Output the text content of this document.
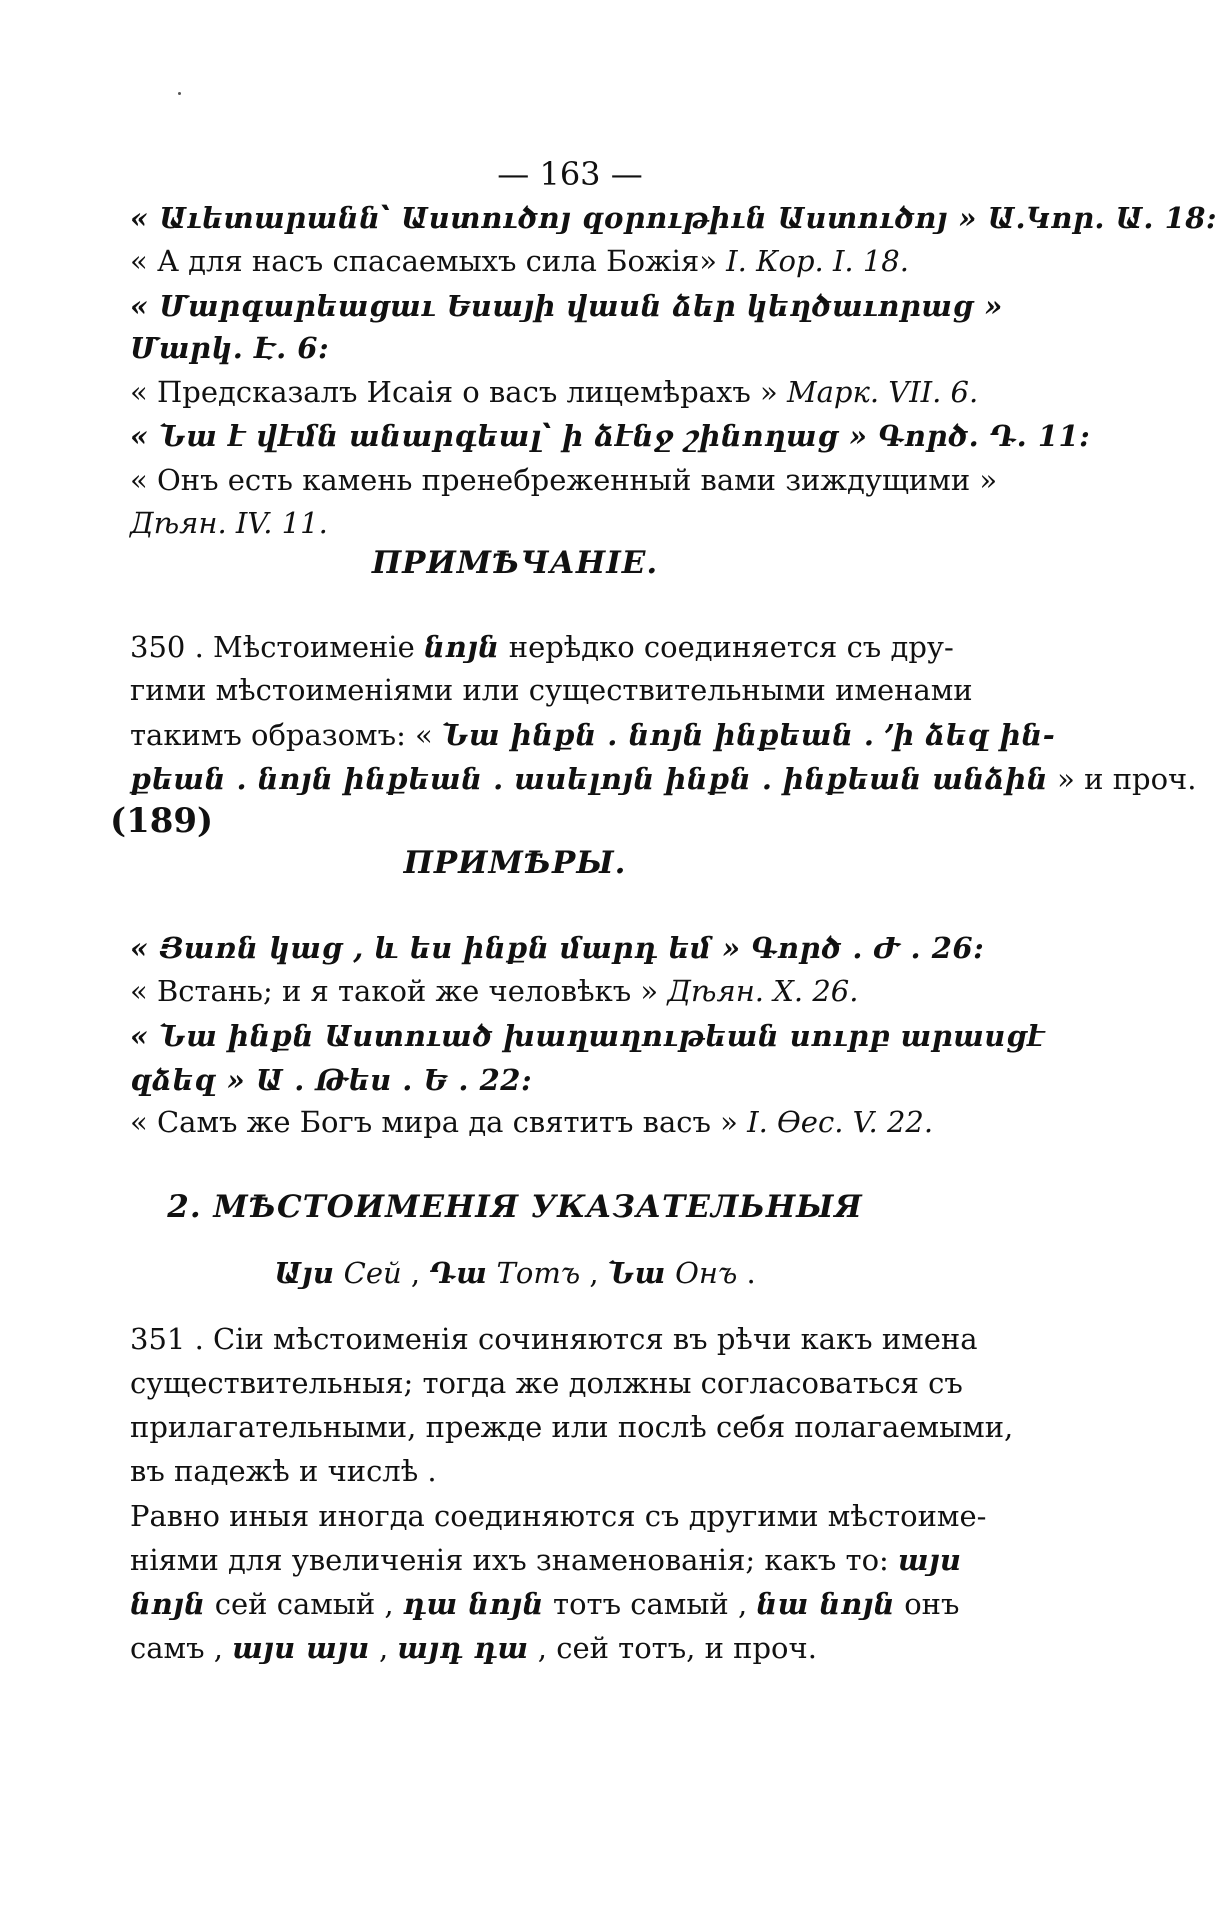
— 163 —
« Աւետարանն՝ Աստուծոյ զօրութիւն Աստուծոյ » Ա.Կոր. Ա. 18:
« А для насъ спасаемыхъ сила Божія» I. Кор. I. 18.
« Մարգարեացաւ Եսայի վասն ձեր կեղծաւորաց »
Մարկ. Է. 6:
« Предсказалъ Исаія о васъ лицемѣрахъ » Марк. VII. 6.
« Նա է վէմն անարգեալ՝ ի ձէնջ շինողաց » Գործ. Դ. 11:
« Онъ есть камень пренебреженный вами зиждущими »
Дѣян. IV. 11.
ПРИМѢЧАНІЕ.
350 . Мѣстоименіе նոյն нерѣдко соединяется съ дру-
гими мѣстоименіями или существительными именами
такимъ образомъ: « Նա ինքն . նոյն ինքեան . ՚ի ձեզ ին-
քեան . նոյն ինքեան . ասելոյն ինքն . ինքեան անձին » и проч.
(189)
ПРИМѢРЫ.
« Յառն կաց , և ես ինքն մարդ եմ » Գործ . Ժ . 26:
« Встань; и я такой же человѣкъ » Дѣян. X. 26.
« Նա ինքն Աստուած խաղաղութեան սուրբ արասցէ
զձեզ » Ա . Թես . Ե . 22:
« Самъ же Богъ мира да святитъ васъ » I. Ѳес. V. 22.
2. МѢСТОИМЕНІЯ УКАЗАТЕЛЬНЫЯ
Այս Сей , Դա Тотъ , Նա Онъ .
351 . Сіи мѣстоименія сочиняются въ рѣчи какъ имена
существительныя; тогда же должны согласоваться съ
прилагательными, прежде или послѣ себя полагаемыми,
въ падежѣ и числѣ .
Равно иныя иногда соединяются съ другими мѣстоиме-
ніями для увеличенія ихъ знаменованія; какъ то: այս
նոյն сей самый , դա նոյն тотъ самый , նա նոյն онъ
самъ , այս այս , այդ դա , сей тотъ, и проч.
